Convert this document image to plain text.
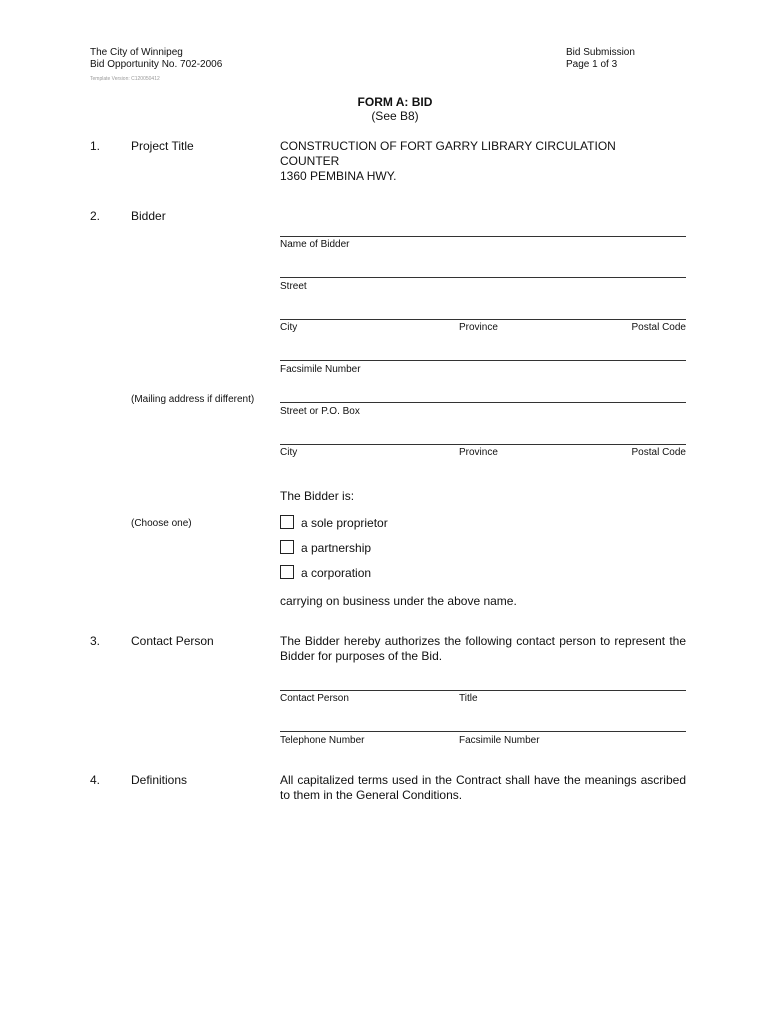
The City of Winnipeg
Bid Opportunity No. 702-2006
Template Version: C120050412
Bid Submission
Page 1 of 3
FORM A: BID
(See B8)
1.	Project Title	CONSTRUCTION OF FORT GARRY LIBRARY CIRCULATION
COUNTER
1360 PEMBINA HWY.
2.	Bidder
Name of Bidder
Street
City	Province	Postal Code
Facsimile Number
(Mailing address if different)
Street or P.O. Box
City	Province	Postal Code
The Bidder is:
(Choose one)	a sole proprietor
a partnership
a corporation
carrying on business under the above name.
3.	Contact Person	The Bidder hereby authorizes the following contact person to represent the Bidder for purposes of the Bid.
Contact Person	Title
Telephone Number	Facsimile Number
4.	Definitions	All capitalized terms used in the Contract shall have the meanings ascribed to them in the General Conditions.
